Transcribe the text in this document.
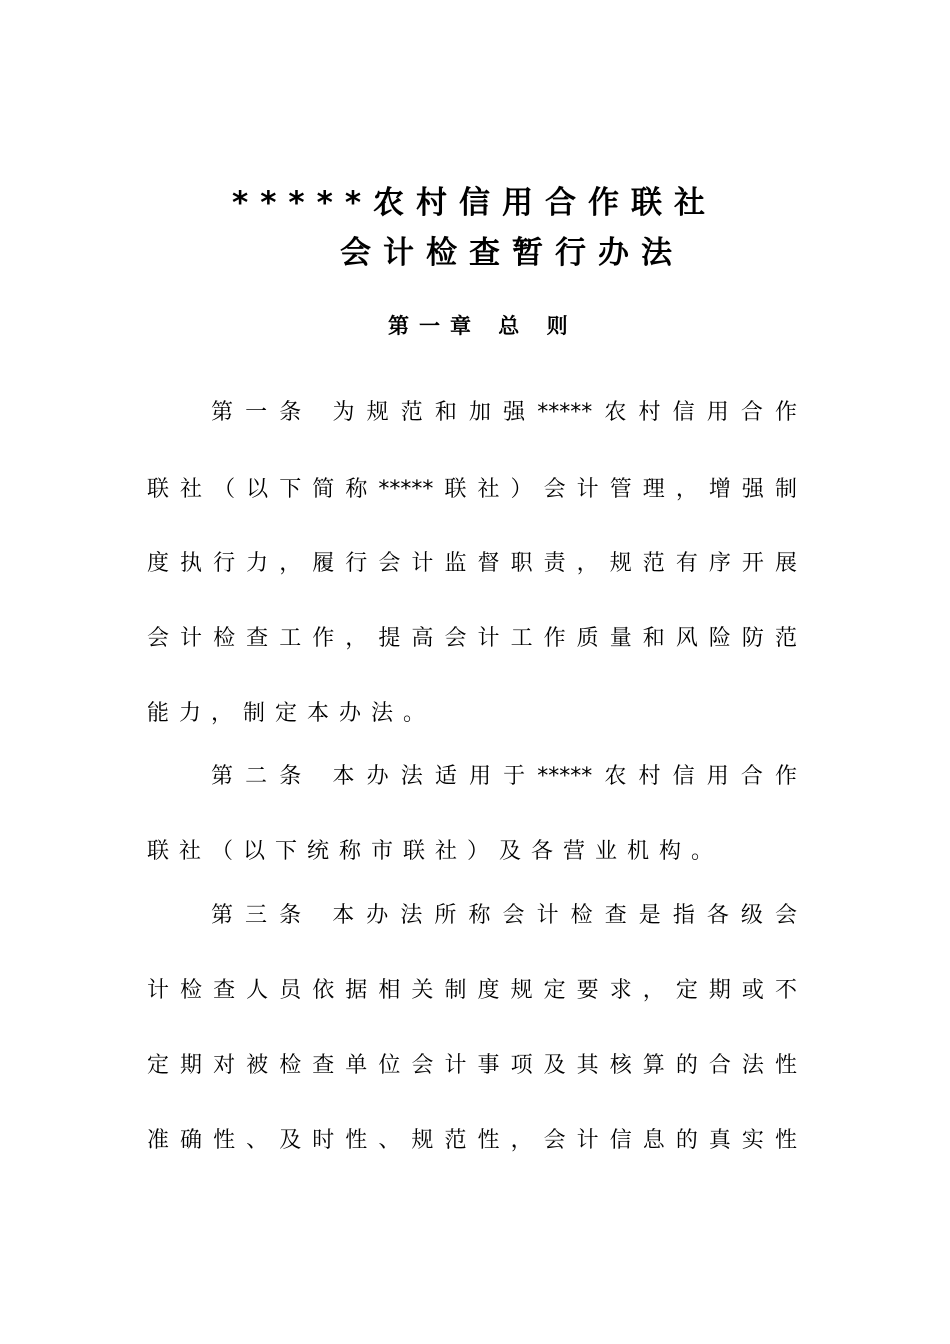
*****农村信用合作联社
会计检查暂行办法
第一章 总 则
第一条 为规范和加强*****农村信用合作
联社（以下简称*****联社）会计管理，增强制
度执行力，履行会计监督职责，规范有序开展
会计检查工作，提高会计工作质量和风险防范
能力，制定本办法。
第二条 本办法适用于*****农村信用合作
联社（以下统称市联社）及各营业机构。
第三条 本办法所称会计检查是指各级会
计检查人员依据相关制度规定要求，定期或不
定期对被检查单位会计事项及其核算的合法性
准确性、及时性、规范性，会计信息的真实性
